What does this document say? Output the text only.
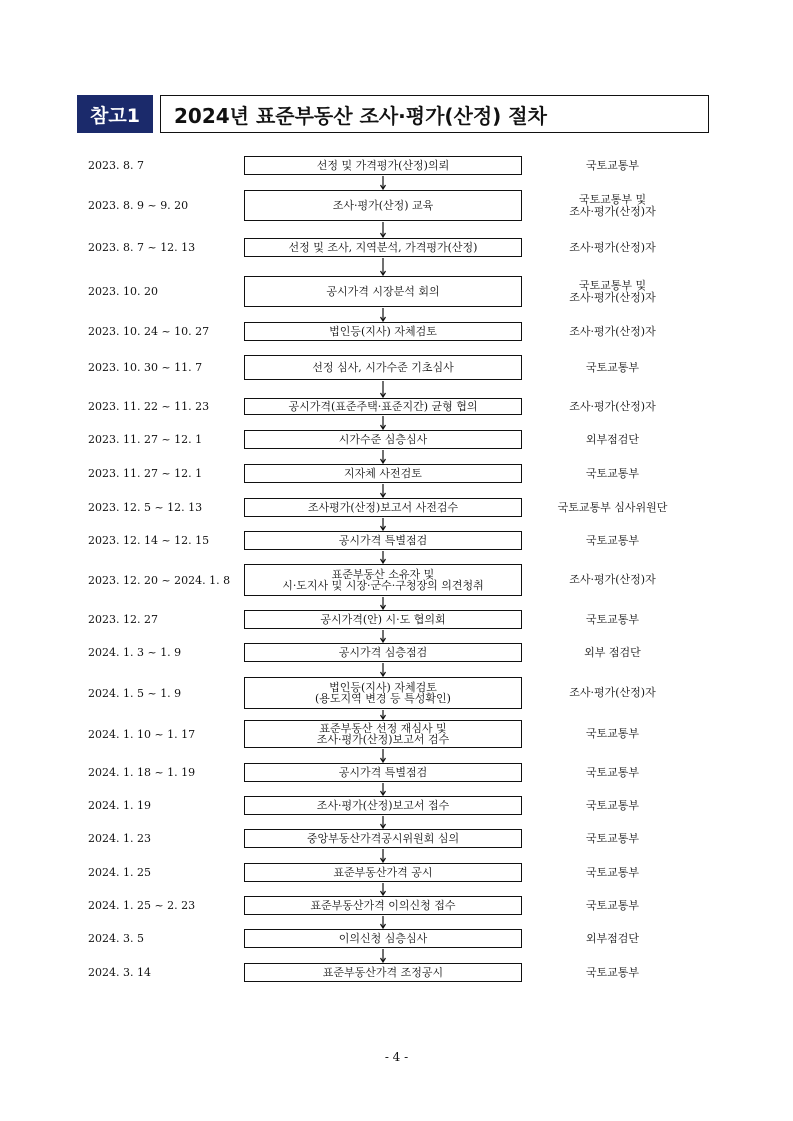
참고1	2024년 표준부동산 조사·평가(산정) 절차
2023. 8. 7	선정 및 가격평가(산정)의뢰	국토교통부
2023. 8. 9 ~ 9. 20	조사·평가(산정) 교육	국토교통부 및
조사·평가(산정)자
2023. 8. 7 ~ 12. 13	선정 및 조사, 지역분석, 가격평가(산정)	조사·평가(산정)자
2023. 10. 20	공시가격 시장분석 회의	국토교통부 및
조사·평가(산정)자
2023. 10. 24 ~ 10. 27	법인등(지사) 자체검토	조사·평가(산정)자
2023. 10. 30 ~ 11. 7	선정 심사, 시가수준 기초심사	국토교통부
2023. 11. 22 ~ 11. 23	공시가격(표준주택·표준지간) 균형 협의	조사·평가(산정)자
2023. 11. 27 ~ 12. 1	시가수준 심층심사	외부점검단
2023. 11. 27 ~ 12. 1	지자체 사전검토	국토교통부
2023. 12. 5 ~ 12. 13	조사평가(산정)보고서 사전검수	국토교통부 심사위원단
2023. 12. 14 ~ 12. 15	공시가격 특별점검	국토교통부
2023. 12. 20 ~ 2024. 1. 8	표준부동산 소유자 및
시·도지사 및 시장·군수·구청장의 의견청취	조사·평가(산정)자
2023. 12. 27	공시가격(안) 시·도 협의회	국토교통부
2024. 1. 3 ~ 1. 9	공시가격 심층점검	외부 점검단
2024. 1. 5 ~ 1. 9	법인등(지사) 자체검토
(용도지역 변경 등 특성확인)	조사·평가(산정)자
2024. 1. 10 ~ 1. 17	표준부동산 선정 재심사 및
조사·평가(산정)보고서 검수	국토교통부
2024. 1. 18 ~ 1. 19	공시가격 특별점검	국토교통부
2024. 1. 19	조사·평가(산정)보고서 접수	국토교통부
2024. 1. 23	중앙부동산가격공시위원회 심의	국토교통부
2024. 1. 25	표준부동산가격 공시	국토교통부
2024. 1. 25 ~ 2. 23	표준부동산가격 이의신청 접수	국토교통부
2024. 3. 5	이의신청 심층심사	외부점검단
2024. 3. 14	표준부동산가격 조정공시	국토교통부
- 4 -
